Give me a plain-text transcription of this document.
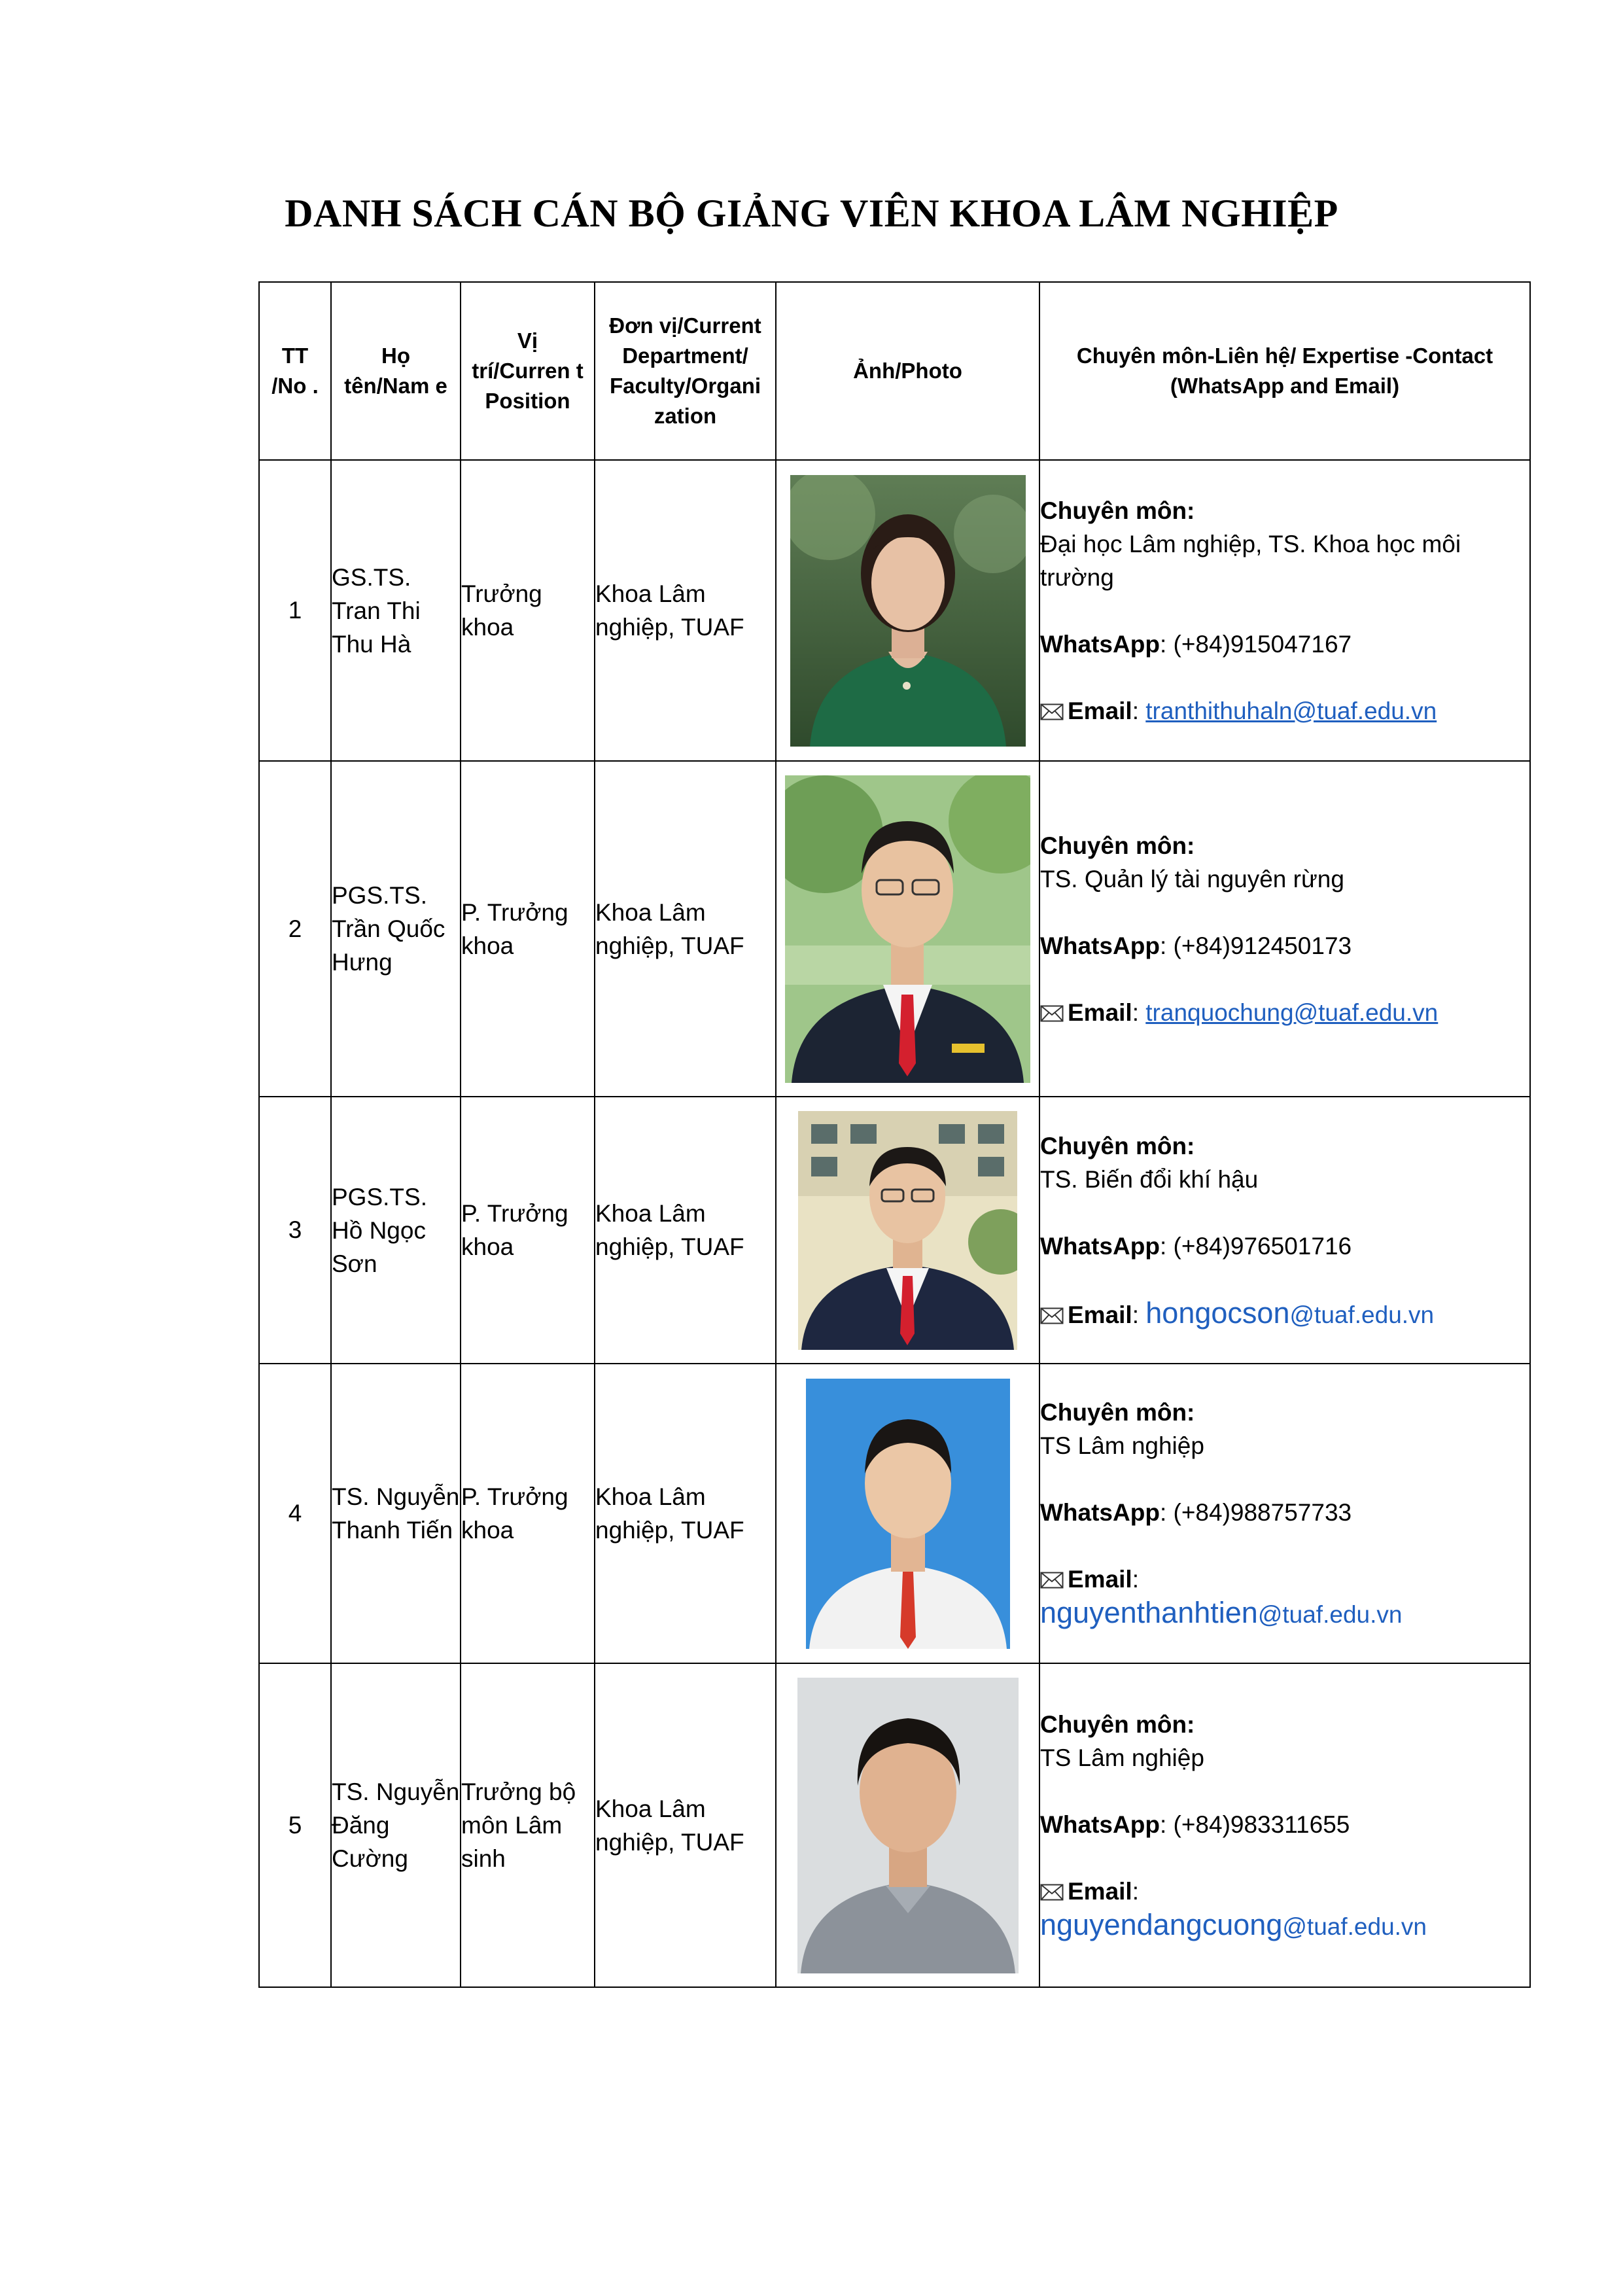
DANH SÁCH CÁN BỘ GIẢNG VIÊN KHOA LÂM NGHIỆP
TT /No .	Họ tên/Nam e	Vị trí/Curren t Position	Đơn vị/Current Department/ Faculty/Organi zation	Ảnh/Photo	Chuyên môn-Liên hệ/ Expertise -Contact (WhatsApp and Email)
1	GS.TS. Tran Thi Thu Hà	Trưởng khoa	Khoa Lâm nghiệp, TUAF		Chuyên môn:
Đại học Lâm nghiệp, TS. Khoa học môi trường
WhatsApp: (+84)915047167
Email: tranthithuhaln@tuaf.edu.vn

2	PGS.TS. Trần Quốc Hưng	P. Trưởng khoa	Khoa Lâm nghiệp, TUAF		Chuyên môn:
TS. Quản lý tài nguyên rừng
WhatsApp: (+84)912450173
Email: tranquochung@tuaf.edu.vn

3	PGS.TS. Hồ Ngọc Sơn	P. Trưởng khoa	Khoa Lâm nghiệp, TUAF		Chuyên môn:
TS. Biến đổi khí hậu
WhatsApp: (+84)976501716
Email: hongocson@tuaf.edu.vn

4	TS. Nguyễn Thanh Tiến	P. Trưởng khoa	Khoa Lâm nghiệp, TUAF		Chuyên môn:
TS Lâm nghiệp
WhatsApp: (+84)988757733
Email:
nguyenthanhtien@tuaf.edu.vn

5	TS. Nguyễn Đăng Cường	Trưởng bộ môn Lâm sinh	Khoa Lâm nghiệp, TUAF		Chuyên môn:
TS Lâm nghiệp
WhatsApp: (+84)983311655
Email:
nguyendangcuong@tuaf.edu.vn
